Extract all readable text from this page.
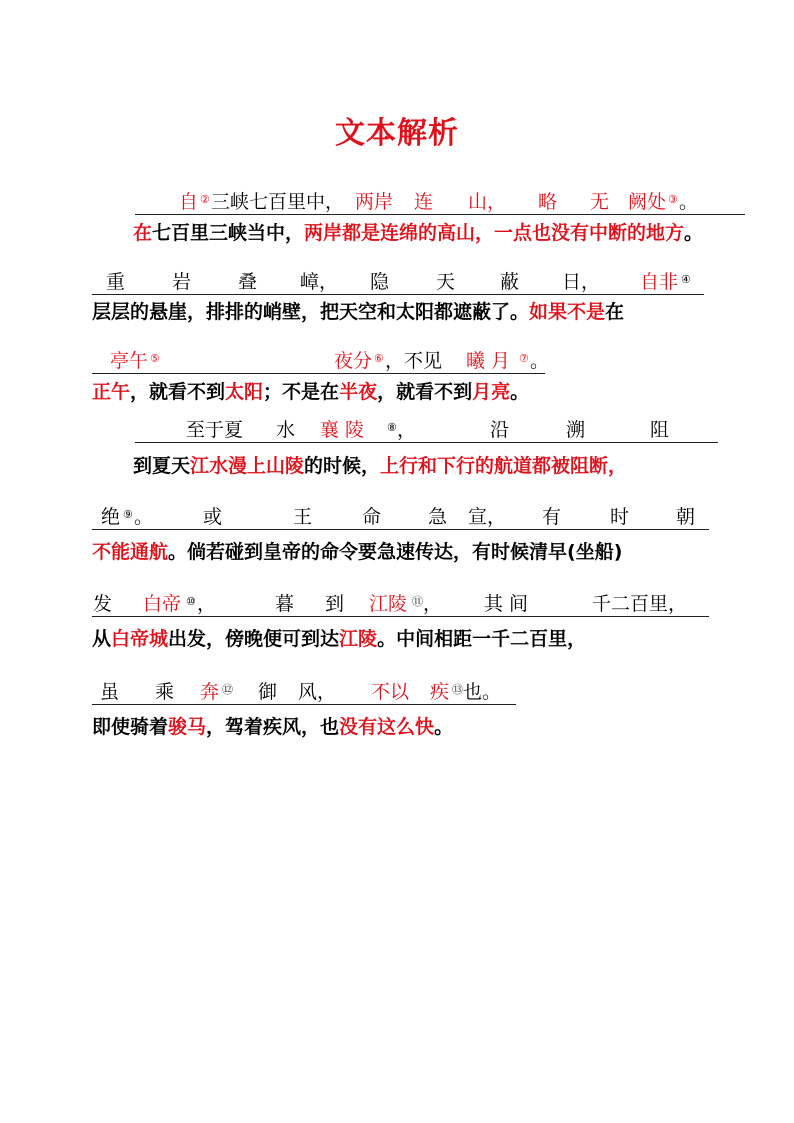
文本解析
自 ② 三峡七百里中， 两岸 连 山， 略 无 阙处 ③ 。
在七百里三峡当中，两岸都是连绵的高山，一点也没有中断的地方。
重 岩 叠 嶂， 隐 天 蔽 日， 自非 ④
层层的悬崖，排排的峭壁，把天空和太阳都遮蔽了。如果不是在
亭午 ⑤	夜分 ⑥ ，不见 曦 月 ⑦ 。
正午，就看不到太阳；不是在半夜，就看不到月亮。
至于夏 水 襄 陵 ⑧ ，	沿	溯	阻
到夏天江水漫上山陵的时候，上行和下行的航道都被阻断，
绝 ⑨ 。	或	王	命 急 宣， 有	时 朝
不能通航。倘若碰到皇帝的命令要急速传达，有时候清早(坐船)
发 白帝 ⑩ ，	暮 到 江陵 ⑪ ， 其 间	千二百里，
从白帝城出发，傍晚便可到达江陵。中间相距一千二百里，
虽 乘 奔 ⑫ 御 风， 不以 疾 ⑬ 也。
即使骑着骏马，驾着疾风，也没有这么快。
